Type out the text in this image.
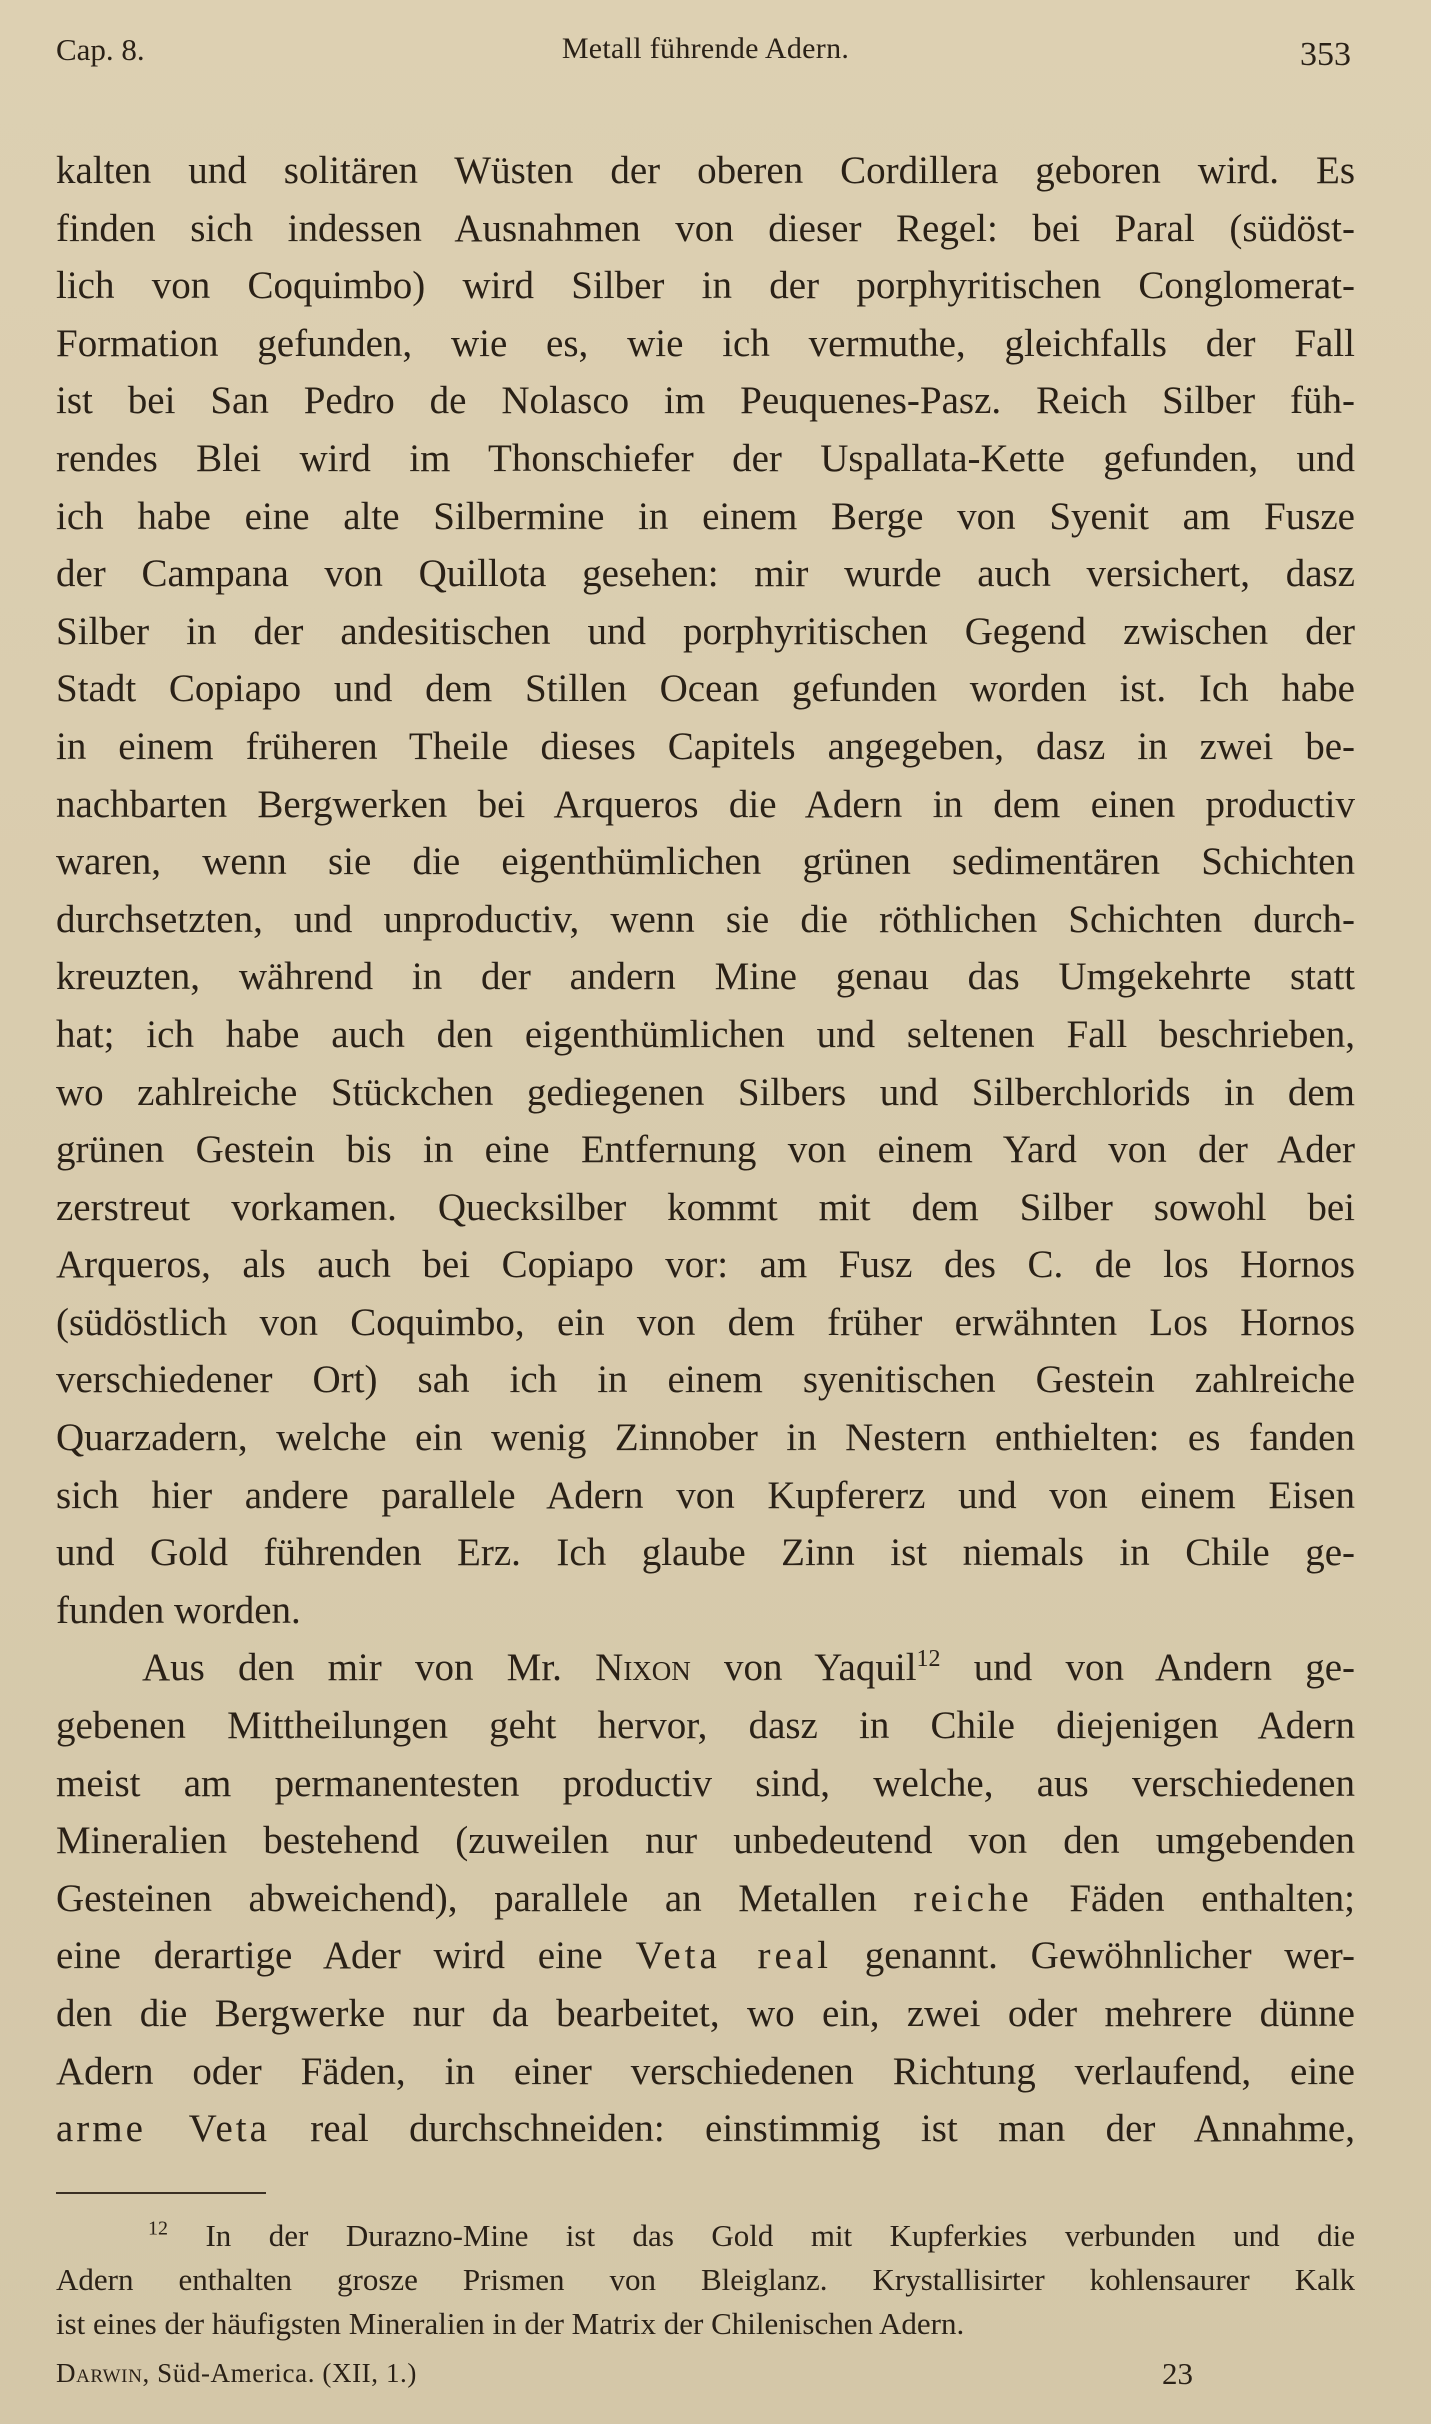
Cap. 8.	Metall führende Adern.	353
kalten und solitären Wüsten der oberen Cordillera geboren wird. Es
finden sich indessen Ausnahmen von dieser Regel: bei Paral (südöst-
lich von Coquimbo) wird Silber in der porphyritischen Conglomerat-
Formation gefunden, wie es, wie ich vermuthe, gleichfalls der Fall
ist bei San Pedro de Nolasco im Peuquenes-Pasz. Reich Silber füh-
rendes Blei wird im Thonschiefer der Uspallata-Kette gefunden, und
ich habe eine alte Silbermine in einem Berge von Syenit am Fusze
der Campana von Quillota gesehen: mir wurde auch versichert, dasz
Silber in der andesitischen und porphyritischen Gegend zwischen der
Stadt Copiapo und dem Stillen Ocean gefunden worden ist. Ich habe
in einem früheren Theile dieses Capitels angegeben, dasz in zwei be-
nachbarten Bergwerken bei Arqueros die Adern in dem einen productiv
waren, wenn sie die eigenthümlichen grünen sedimentären Schichten
durchsetzten, und unproductiv, wenn sie die röthlichen Schichten durch-
kreuzten, während in der andern Mine genau das Umgekehrte statt
hat; ich habe auch den eigenthümlichen und seltenen Fall beschrieben,
wo zahlreiche Stückchen gediegenen Silbers und Silberchlorids in dem
grünen Gestein bis in eine Entfernung von einem Yard von der Ader
zerstreut vorkamen. Quecksilber kommt mit dem Silber sowohl bei
Arqueros, als auch bei Copiapo vor: am Fusz des C. de los Hornos
(südöstlich von Coquimbo, ein von dem früher erwähnten Los Hornos
verschiedener Ort) sah ich in einem syenitischen Gestein zahlreiche
Quarzadern, welche ein wenig Zinnober in Nestern enthielten: es fanden
sich hier andere parallele Adern von Kupfererz und von einem Eisen
und Gold führenden Erz. Ich glaube Zinn ist niemals in Chile ge-
funden worden.
Aus den mir von Mr. Nixon von Yaquil$^{12}$ und von Andern ge-
gebenen Mittheilungen geht hervor, dasz in Chile diejenigen Adern
meist am permanentesten productiv sind, welche, aus verschiedenen
Mineralien bestehend (zuweilen nur unbedeutend von den umgebenden
Gesteinen abweichend), parallele an Metallen reiche Fäden enthalten;
eine derartige Ader wird eine Veta real genannt. Gewöhnlicher wer-
den die Bergwerke nur da bearbeitet, wo ein, zwei oder mehrere dünne
Adern oder Fäden, in einer verschiedenen Richtung verlaufend, eine
arme Veta real durchschneiden: einstimmig ist man der Annahme,
$^{12}$ In der Durazno-Mine ist das Gold mit Kupferkies verbunden und die
Adern enthalten grosze Prismen von Bleiglanz. Krystallisirter kohlensaurer Kalk
ist eines der häufigsten Mineralien in der Matrix der Chilenischen Adern.
Darwin, Süd-America. (XII, 1.)	23
